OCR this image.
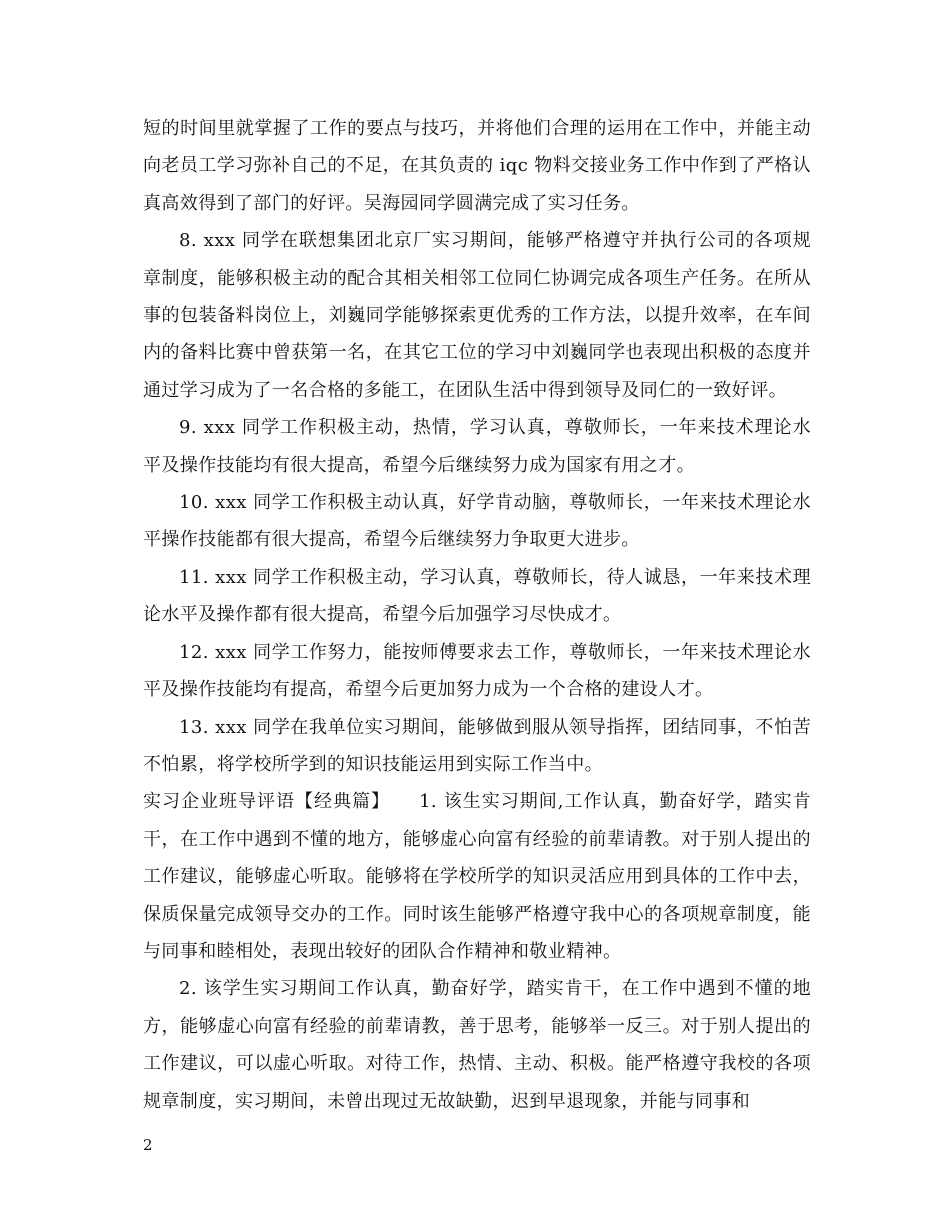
短的时间里就掌握了工作的要点与技巧，并将他们合理的运用在工作中，并能主动向老员工学习弥补自己的不足，在其负责的 iqc 物料交接业务工作中作到了严格认真高效得到了部门的好评。吴海园同学圆满完成了实习任务。

8. xxx 同学在联想集团北京厂实习期间，能够严格遵守并执行公司的各项规章制度，能够积极主动的配合其相关相邻工位同仁协调完成各项生产任务。在所从事的包装备料岗位上，刘巍同学能够探索更优秀的工作方法，以提升效率，在车间内的备料比赛中曾获第一名，在其它工位的学习中刘巍同学也表现出积极的态度并通过学习成为了一名合格的多能工，在团队生活中得到领导及同仁的一致好评。

9. xxx 同学工作积极主动，热情，学习认真，尊敬师长，一年来技术理论水平及操作技能均有很大提高，希望今后继续努力成为国家有用之才。

10. xxx 同学工作积极主动认真，好学肯动脑，尊敬师长，一年来技术理论水平操作技能都有很大提高，希望今后继续努力争取更大进步。

11. xxx 同学工作积极主动，学习认真，尊敬师长，待人诚恳，一年来技术理论水平及操作都有很大提高，希望今后加强学习尽快成才。

12. xxx 同学工作努力，能按师傅要求去工作，尊敬师长，一年来技术理论水平及操作技能均有提高，希望今后更加努力成为一个合格的建设人才。

13. xxx 同学在我单位实习期间，能够做到服从领导指挥，团结同事，不怕苦不怕累，将学校所学到的知识技能运用到实际工作当中。

实习企业班导评语【经典篇】　　1. 该生实习期间,工作认真，勤奋好学，踏实肯干，在工作中遇到不懂的地方，能够虚心向富有经验的前辈请教。对于别人提出的工作建议，能够虚心听取。能够将在学校所学的知识灵活应用到具体的工作中去，保质保量完成领导交办的工作。同时该生能够严格遵守我中心的各项规章制度，能与同事和睦相处，表现出较好的团队合作精神和敬业精神。

2. 该学生实习期间工作认真，勤奋好学，踏实肯干，在工作中遇到不懂的地方，能够虚心向富有经验的前辈请教，善于思考，能够举一反三。对于别人提出的工作建议，可以虚心听取。对待工作，热情、主动、积极。能严格遵守我校的各项规章制度，实习期间，未曾出现过无故缺勤，迟到早退现象，并能与同事和

2
